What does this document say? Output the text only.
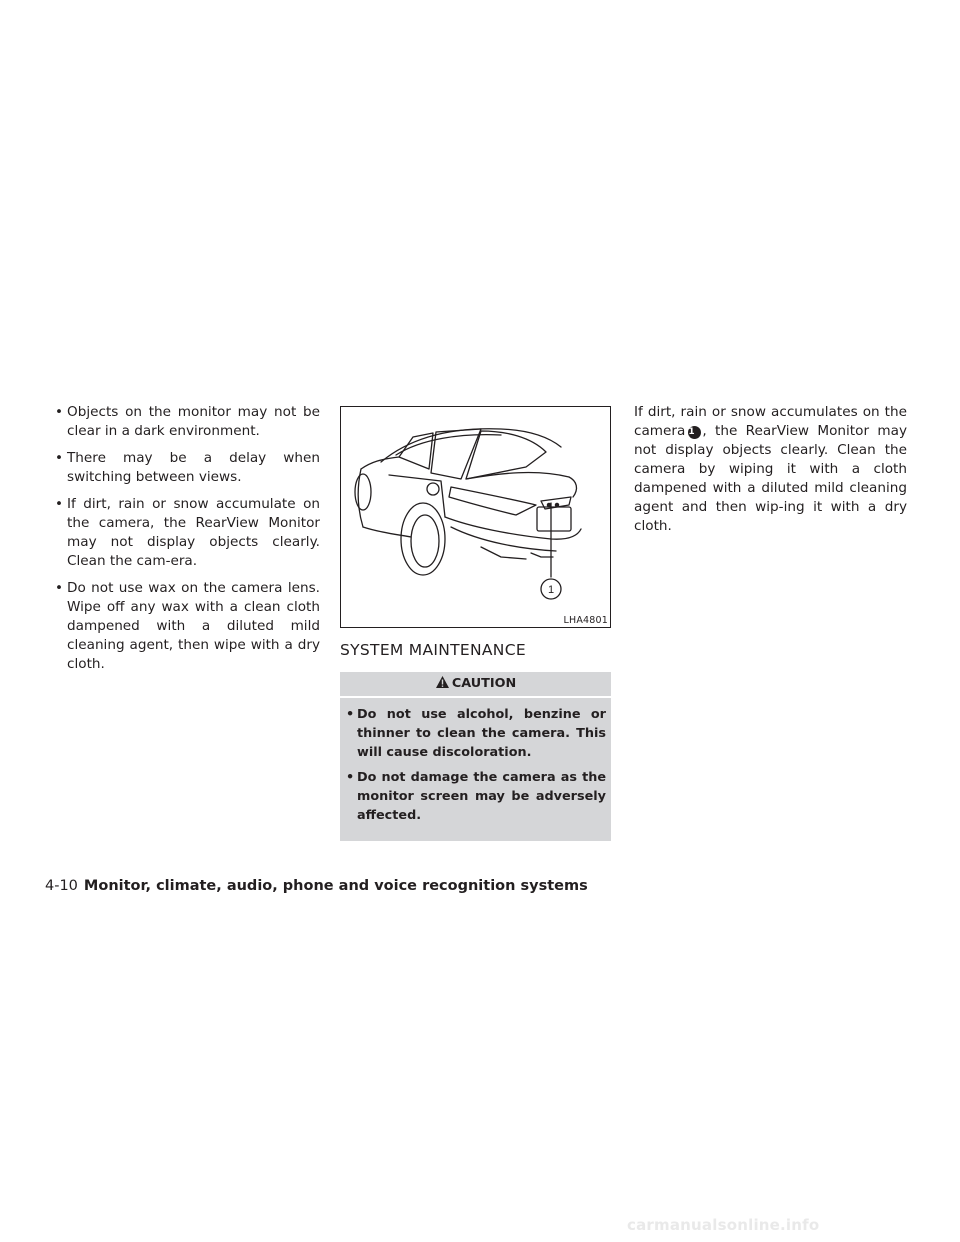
• Objects on the monitor may not be clear in a dark environment.
• There may be a delay when switching between views.
• If dirt, rain or snow accumulate on the camera, the RearView Monitor may not display objects clearly. Clean the cam-era.
• Do not use wax on the camera lens. Wipe off any wax with a clean cloth dampened with a diluted mild cleaning agent, then wipe with a dry cloth.
1
LHA4801
SYSTEM MAINTENANCE
CAUTION
• Do not use alcohol, benzine or thinner to clean the camera. This will cause discoloration.
• Do not damage the camera as the monitor screen may be adversely affected.

If dirt, rain or snow accumulates on the camera 1 , the RearView Monitor may not display objects clearly. Clean the camera by wiping it with a cloth dampened with a diluted mild cleaning agent and then wip-ing it with a dry cloth.

4-10 Monitor, climate, audio, phone and voice recognition systems
carmanualsonline.info
